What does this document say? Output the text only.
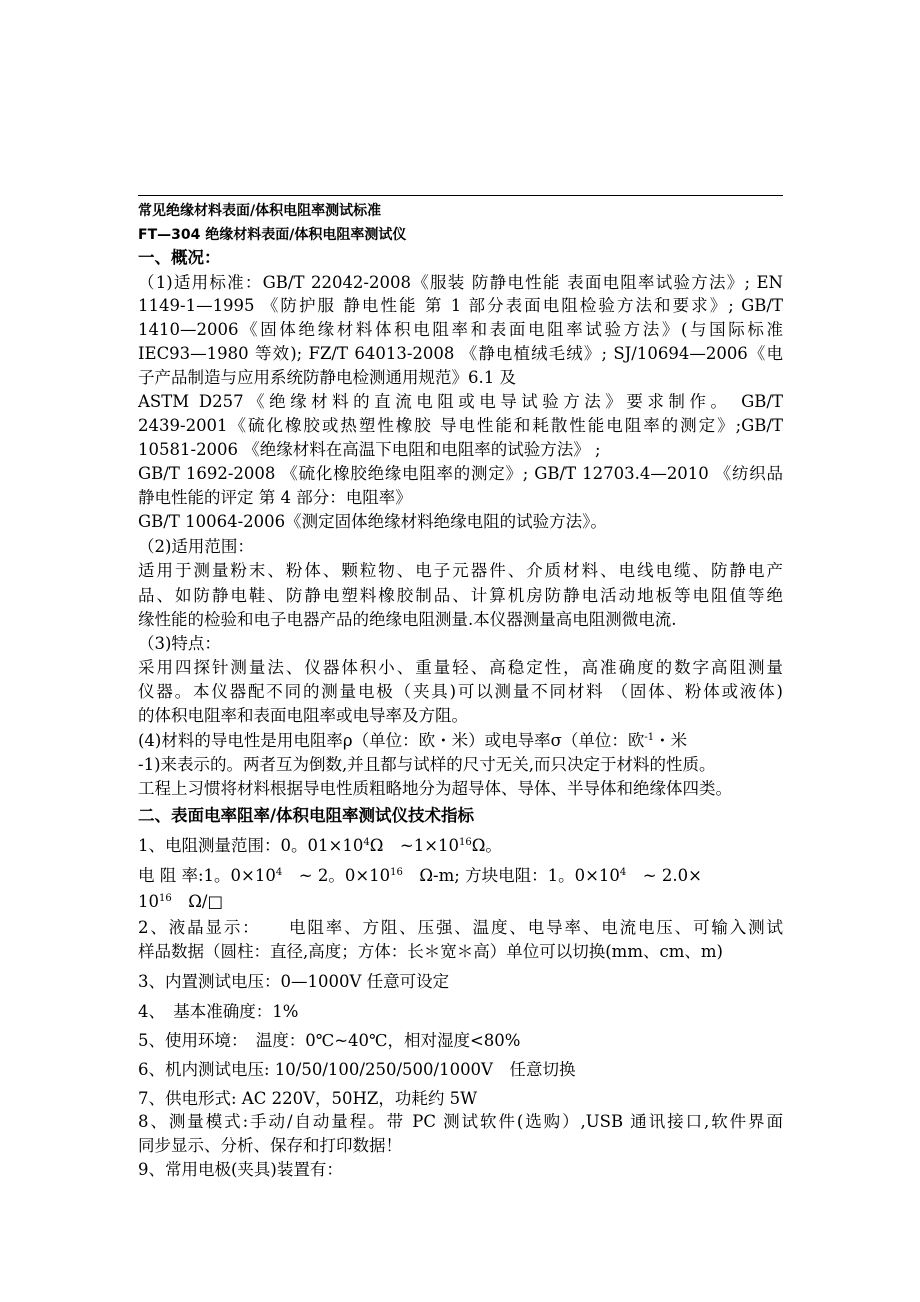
常见绝缘材料表面/体积电阻率测试标准
FT—304 绝缘材料表面/体积电阻率测试仪
一、概况：
（1)适用标准：GB/T 22042-2008《服装 防静电性能 表面电阻率试验方法》; EN
1149-1—1995 《防护服 静电性能 第 1 部分表面电阻检验方法和要求》; GB/T
1410—2006《固体绝缘材料体积电阻率和表面电阻率试验方法》(与国际标准
IEC93—1980 等效); FZ/T 64013-2008 《静电植绒毛绒》; SJ/10694—2006《电
子产品制造与应用系统防静电检测通用规范》6.1 及
ASTM D257《绝缘材料的直流电阻或电导试验方法》要求制作。 GB/T
2439-2001《硫化橡胶或热塑性橡胶 导电性能和耗散性能电阻率的测定》;GB/T
10581-2006 《绝缘材料在高温下电阻和电阻率的试验方法》 ;
GB/T 1692-2008 《硫化橡胶绝缘电阻率的测定》; GB/T 12703.4—2010 《纺织品
静电性能的评定 第 4 部分：电阻率》
GB/T 10064-2006《测定固体绝缘材料绝缘电阻的试验方法》。
（2)适用范围：
适用于测量粉末、粉体、颗粒物、电子元器件、介质材料、电线电缆、防静电产
品、如防静电鞋、防静电塑料橡胶制品、计算机房防静电活动地板等电阻值等绝
缘性能的检验和电子电器产品的绝缘电阻测量.本仪器测量高电阻测微电流.
（3)特点：
采用四探针测量法、仪器体积小、重量轻、高稳定性，高准确度的数字高阻测量
仪器。本仪器配不同的测量电极（夹具)可以测量不同材料 （固体、粉体或液体)
的体积电阻率和表面电阻率或电导率及方阻。
(4)材料的导电性是用电阻率ρ（单位：欧・米）或电导率σ（单位：欧$^{-1}$・米
-1)来表示的。两者互为倒数,并且都与试样的尺寸无关,而只决定于材料的性质。
工程上习惯将材料根据导电性质粗略地分为超导体、导体、半导体和绝缘体四类。
二、表面电率阻率/体积电阻率测试仪技术指标
1、电阻测量范围：0。$01\times 10^4\Omega$　$\sim 1\times 10^{16}\Omega$。
电 阻 率:1。$0\times 10^4$　~ 2。$0\times 10^{16}$　Ω-m; 方块电阻：1。$0\times 10^4$　~ 2.0×
$10^{16}$　Ω/□
2、液晶显示：　　电阻率、方阻、压强、温度、电导率、电流电压、可输入测试
样品数据（圆柱：直径,高度；方体：长＊宽＊高）单位可以切换(mm、cm、m)
3、内置测试电压：0—1000V 任意可设定
4、　基本准确度：1%
5、使用环境：　温度：0℃~40℃，相对湿度<80%
6、机内测试电压: 10/50/100/250/500/1000V　任意切换
7、供电形式: AC 220V，50HZ，功耗约 5W
8、测量模式:手动/自动量程。带 PC 测试软件(选购）,USB 通讯接口,软件界面
同步显示、分析、保存和打印数据！
9、常用电极(夹具)装置有：
